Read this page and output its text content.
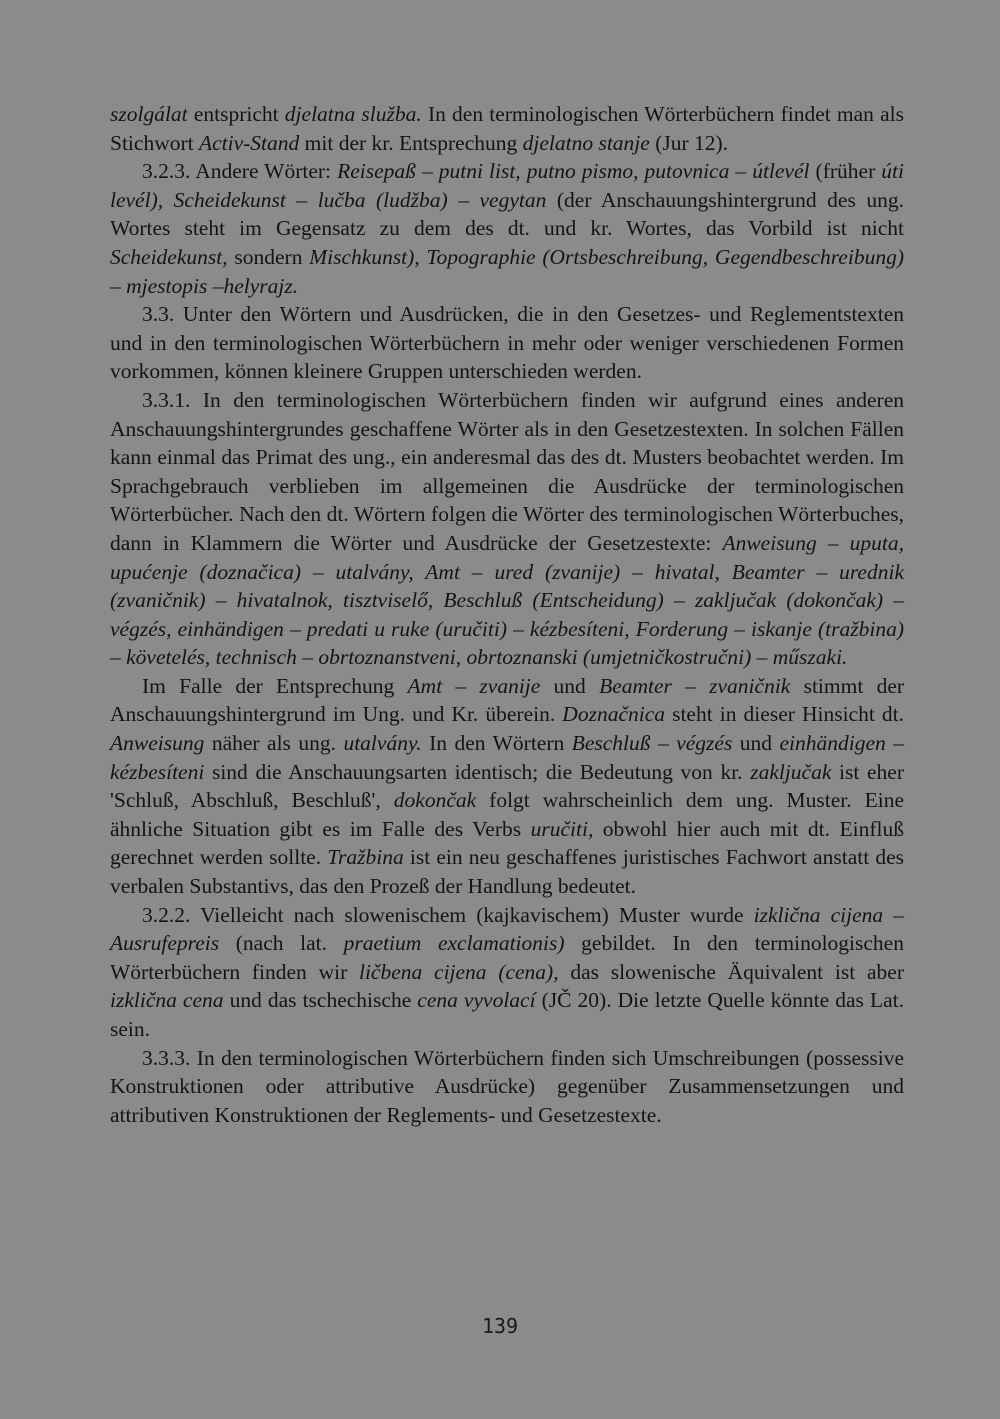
szolgálat entspricht djelatna služba. In den terminologischen Wörterbüchern findet man als Stichwort Activ-Stand mit der kr. Entsprechung djelatno stanje (Jur 12).

3.2.3. Andere Wörter: Reisepaß – putni list, putno pismo, putovnica – útlevél (früher úti levél), Scheidekunst – lučba (ludžba) – vegytan (der Anschauungshintergrund des ung. Wortes steht im Gegensatz zu dem des dt. und kr. Wortes, das Vorbild ist nicht Scheidekunst, sondern Mischkunst), Topographie (Ortsbeschreibung, Gegendbeschreibung) – mjestopis –helyrajz.

3.3. Unter den Wörtern und Ausdrücken, die in den Gesetzes- und Reglementstexten und in den terminologischen Wörterbüchern in mehr oder weniger verschiedenen Formen vorkommen, können kleinere Gruppen unterschieden werden.

3.3.1. In den terminologischen Wörterbüchern finden wir aufgrund eines anderen Anschauungshintergrundes geschaffene Wörter als in den Gesetzestexten. In solchen Fällen kann einmal das Primat des ung., ein anderesmal das des dt. Musters beobachtet werden. Im Sprachgebrauch verblieben im allgemeinen die Ausdrücke der terminologischen Wörterbücher. Nach den dt. Wörtern folgen die Wörter des terminologischen Wörterbuches, dann in Klammern die Wörter und Ausdrücke der Gesetzestexte: Anweisung – uputa, upućenje (doznačica) – utalvány, Amt – ured (zvanije) – hivatal, Beamter – urednik (zvaničnik) – hivatalnok, tisztviselő, Beschluß (Entscheidung) – zaključak (dokončak) –végzés, einhändigen – predati u ruke (uručiti) – kézbesíteni, Forderung – iskanje (tražbina) – követelés, technisch – obrtoznanstveni, obrtoznanski (umjetničkostručni) – műszaki.

Im Falle der Entsprechung Amt – zvanije und Beamter – zvaničnik stimmt der Anschauungshintergrund im Ung. und Kr. überein. Doznačnica steht in dieser Hinsicht dt. Anweisung näher als ung. utalvány. In den Wörtern Beschluß – végzés und einhändigen – kézbesíteni sind die Anschauungsarten identisch; die Bedeutung von kr. zaključak ist eher 'Schluß, Abschluß, Beschluß', dokončak folgt wahrscheinlich dem ung. Muster. Eine ähnliche Situation gibt es im Falle des Verbs uručiti, obwohl hier auch mit dt. Einfluß gerechnet werden sollte. Tražbina ist ein neu geschaffenes juristisches Fachwort anstatt des verbalen Substantivs, das den Prozeß der Handlung bedeutet.

3.2.2. Vielleicht nach slowenischem (kajkavischem) Muster wurde izklična cijena – Ausrufepreis (nach lat. praetium exclamationis) gebildet. In den terminologischen Wörterbüchern finden wir ličbena cijena (cena), das slowenische Äquivalent ist aber izklična cena und das tschechische cena vyvolací (JČ 20). Die letzte Quelle könnte das Lat. sein.

3.3.3. In den terminologischen Wörterbüchern finden sich Umschreibungen (possessive Konstruktionen oder attributive Ausdrücke) gegenüber Zusammensetzungen und attributiven Konstruktionen der Reglements- und Gesetzestexte.

139
